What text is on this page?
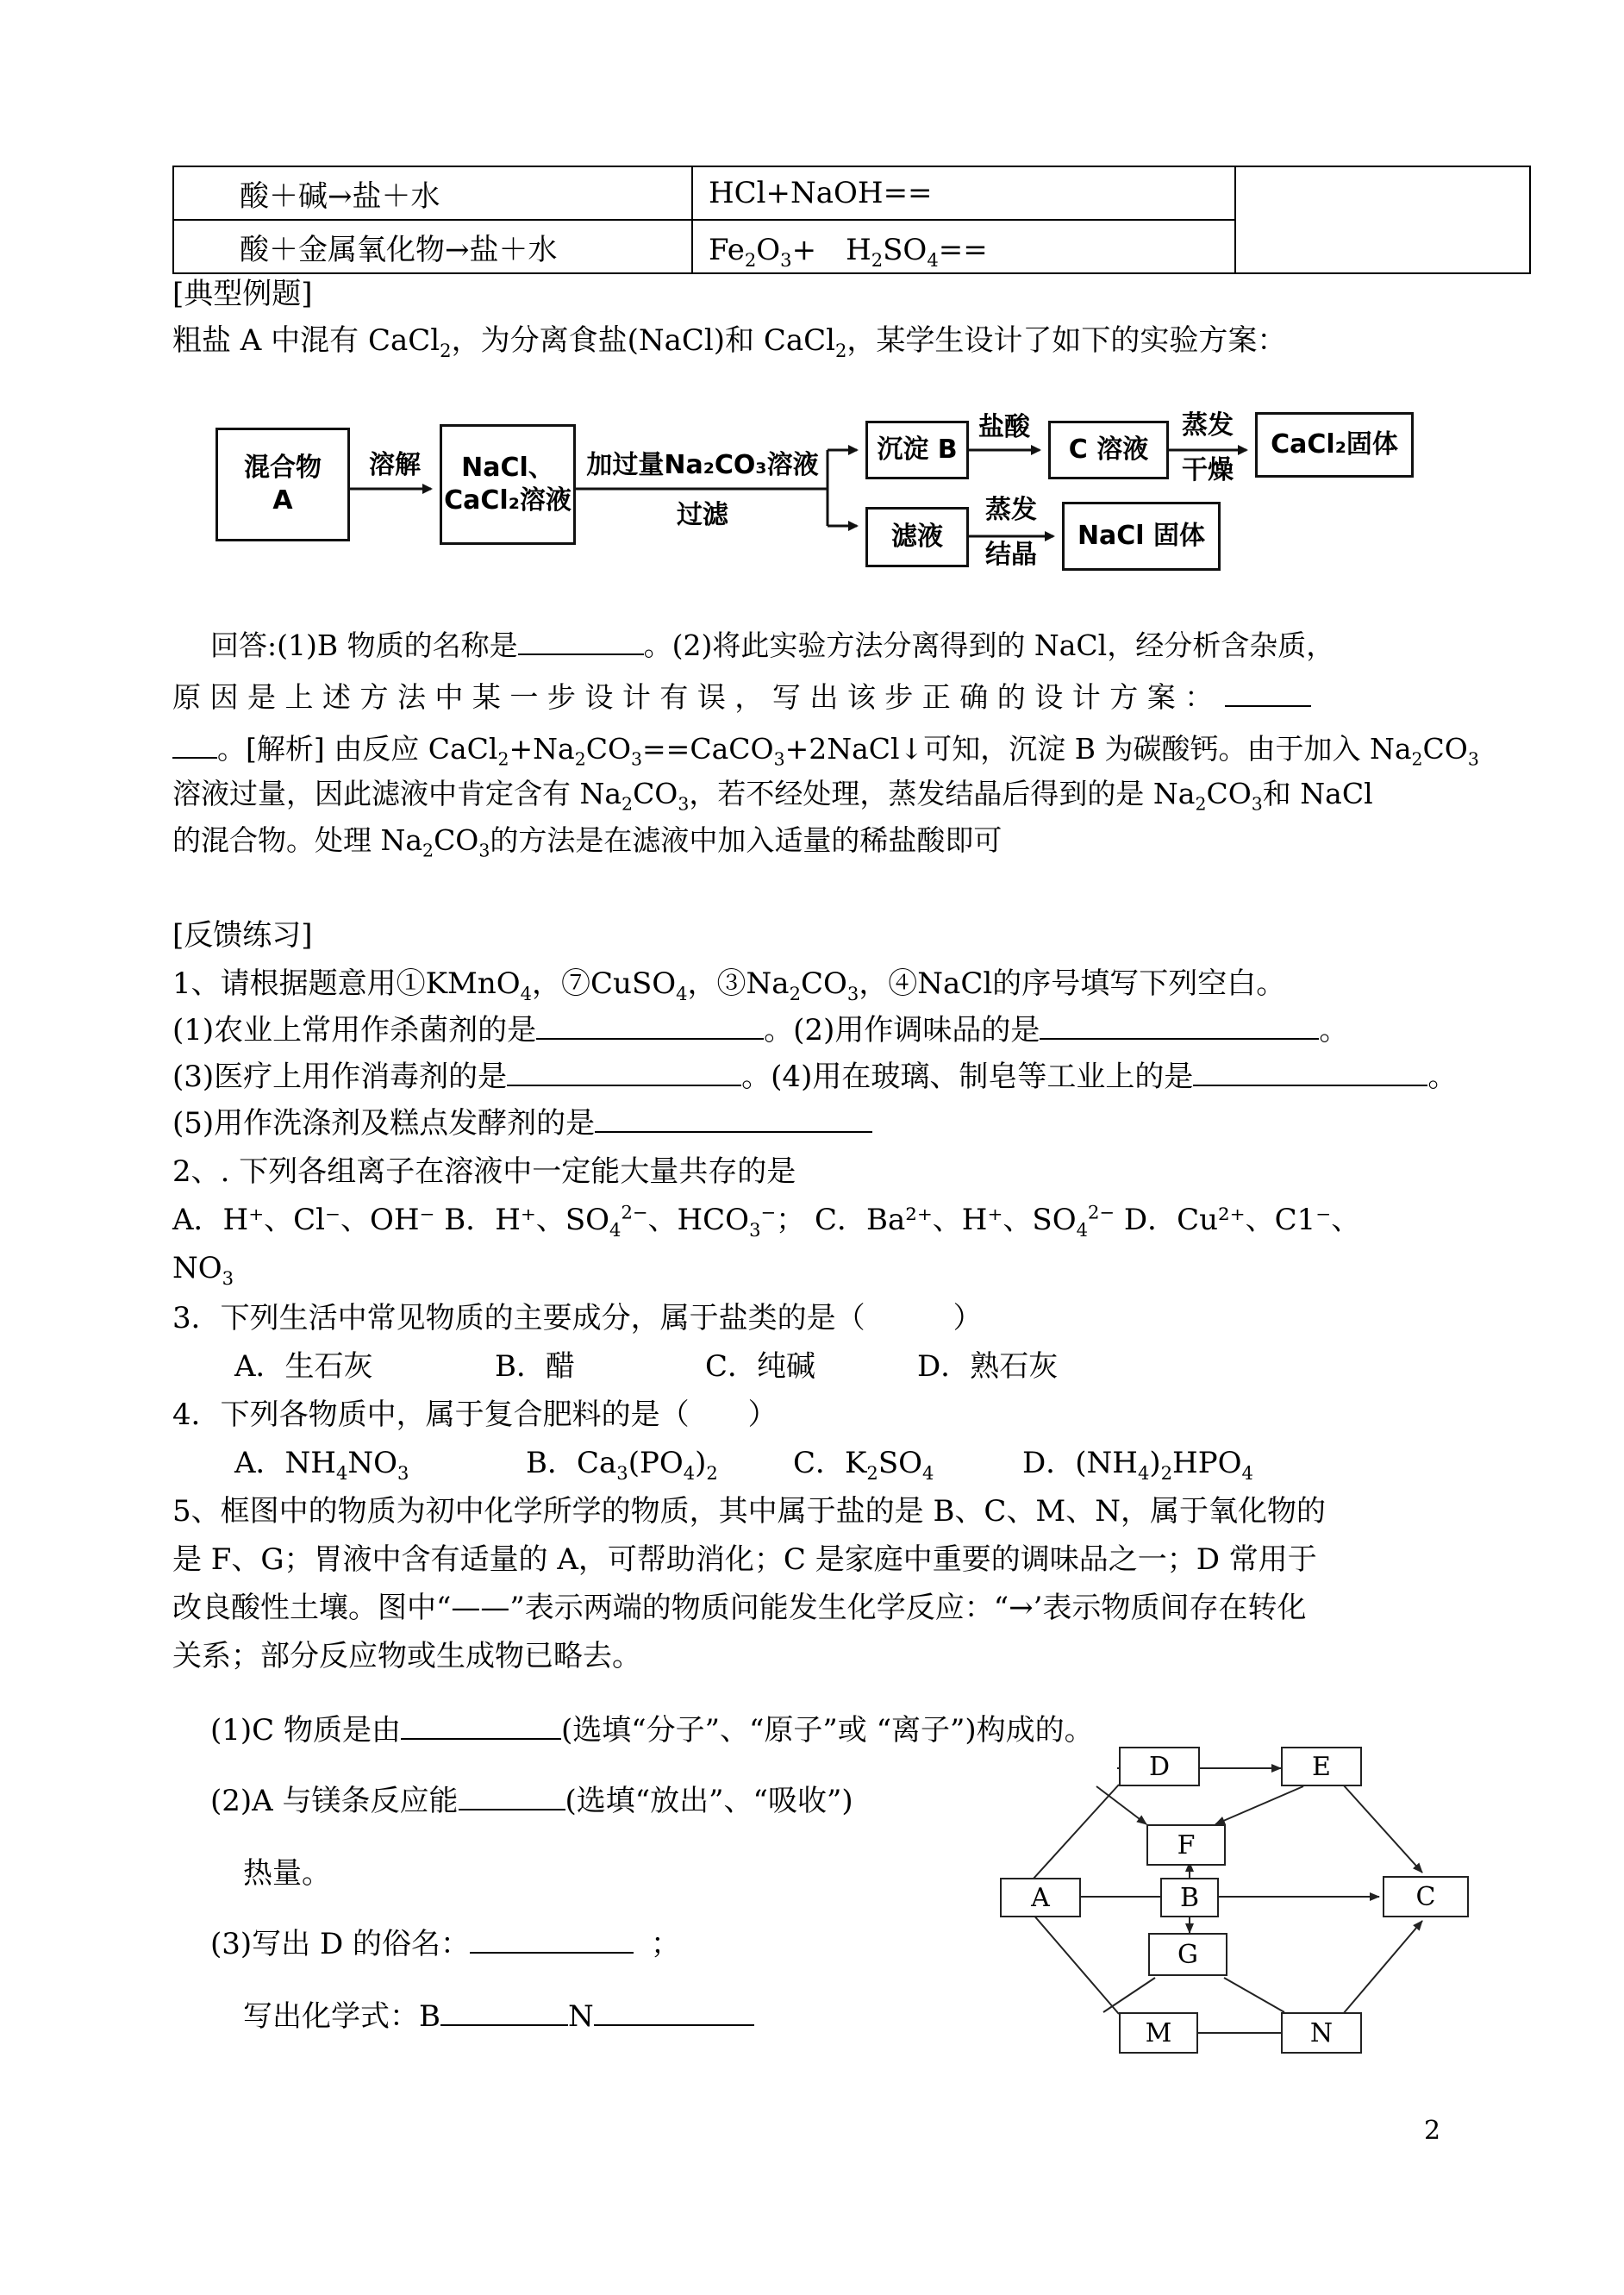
酸＋碱→盐＋水	HCl+NaOH==	
酸＋金属氧化物→盐＋水	$Fe_2O_3+$　$H_2SO_4==$	
[典型例题]
粗盐 A 中混有 CaCl$_2$，为分离食盐(NaCl)和 CaCl$_2$，某学生设计了如下的实验方案：
混合物
A
溶解	NaCl、
CaCl₂溶液
加过量Na₂CO₃溶液
过滤
沉淀 B
盐酸
C 溶液
蒸发
干燥
CaCl₂固体
滤液
蒸发
结晶
NaCl 固体
回答:(1)B 物质的名称是	。(2)将此实验方法分离得到的 NaCl，经分析含杂质，
原 因 是 上 述 方 法 中 某 一 步 设 计 有 误 ， 写 出 该 步 正 确 的 设 计 方 案 ：
。[解析] 由反应 $CaCl_2+Na_2CO_3==CaCO_3+2NaCl↓$可知，沉淀 B 为碳酸钙。由于加入 $Na_2CO_3$
溶液过量，因此滤液中肯定含有 $Na_2CO_3$，若不经处理，蒸发结晶后得到的是 $Na_2CO_3$和 NaCl
的混合物。处理 $Na_2CO_3$的方法是在滤液中加入适量的稀盐酸即可
[反馈练习]
1、请根据题意用①KMnO$_4$，⑦CuSO$_4$，$③Na_2CO_3$，④NaCl的序号填写下列空白。
(1)农业上常用作杀菌剂的是	。(2)用作调味品的是	。
(3)医疗上用作消毒剂的是	。(4)用在玻璃、制皂等工业上的是	。
(5)用作洗涤剂及糕点发酵剂的是
2、. 下列各组离子在溶液中一定能大量共存的是
A．H⁺、Cl⁻、OH⁻ B．H⁺、$SO_4^{2-}$、$HCO_3^-$； C．Ba²⁺、H⁺、$SO_4^{2-}$ D．Cu²⁺、C1⁻、
$NO_3$
3．下列生活中常见物质的主要成分，属于盐类的是（　　　）
A．生石灰	B．醋	C．纯碱	D．熟石灰
4．下列各物质中，属于复合肥料的是（　　）
A．$NH_4NO_3$	B．$Ca_3(PO_4)_2$	C．$K_2SO_4$	D．$(NH_4)_2HPO_4$
5、框图中的物质为初中化学所学的物质，其中属于盐的是 B、C、M、N，属于氧化物的
是 F、G；胃液中含有适量的 A，可帮助消化；C 是家庭中重要的调味品之一；D 常用于
改良酸性土壤。图中“——”表示两端的物质问能发生化学反应：“→’表示物质间存在转化
关系；部分反应物或生成物已略去。
(1)C 物质是由	(选填“分子”、“原子”或 “离子”)构成的。
(2)A 与镁条反应能	(选填“放出”、“吸收”)
热量。
(3)写出 D 的俗名：	；
写出化学式：B	N
D	E
F
A	B	C
G
M	N
2
